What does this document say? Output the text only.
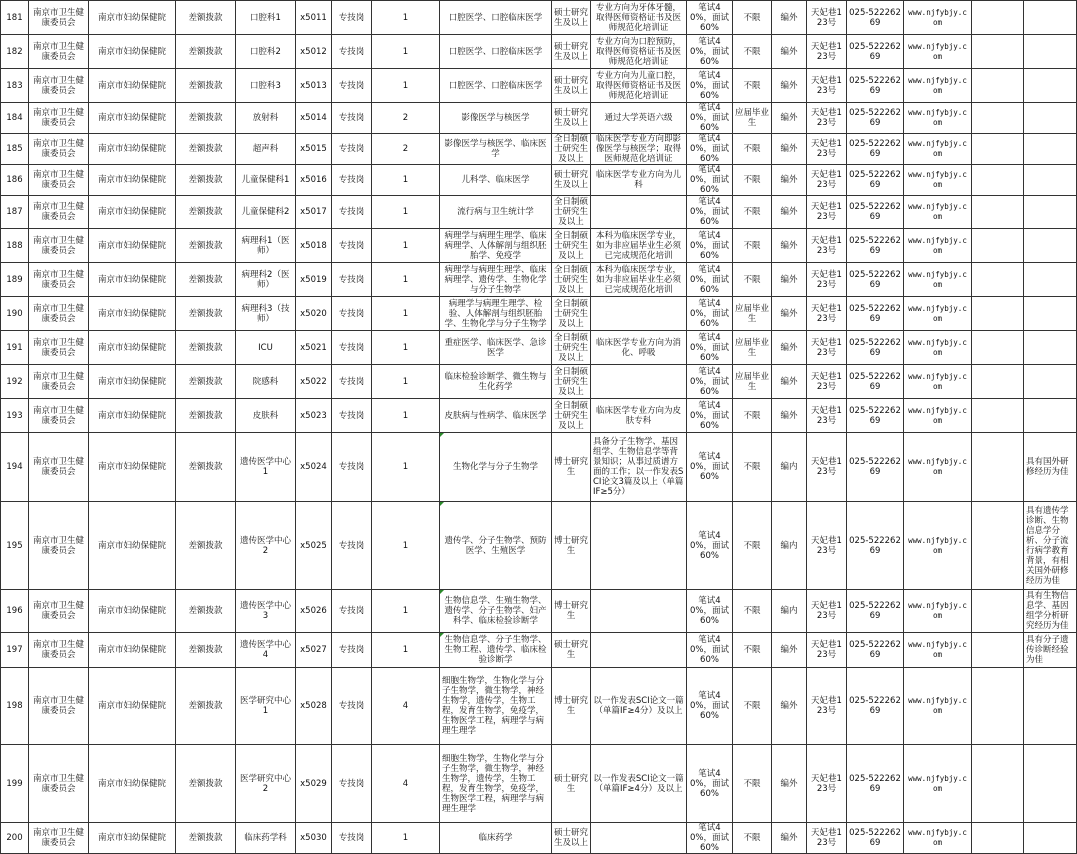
181	南京市卫生健康委员会	南京市妇幼保健院	差额拨款	口腔科1	x5011	专技岗	1	口腔医学、口腔临床医学	硕士研究生及以上	专业方向为牙体牙髓，取得医师资格证书及医师规范化培训证	笔试40%，面试60%	不限	编外	天妃巷123号	025-52226269	www.njfybjy.com		
182	南京市卫生健康委员会	南京市妇幼保健院	差额拨款	口腔科2	x5012	专技岗	1	口腔医学、口腔临床医学	硕士研究生及以上	专业方向为口腔预防，取得医师资格证书及医师规范化培训证	笔试40%，面试60%	不限	编外	天妃巷123号	025-52226269	www.njfybjy.com		
183	南京市卫生健康委员会	南京市妇幼保健院	差额拨款	口腔科3	x5013	专技岗	1	口腔医学、口腔临床医学	硕士研究生及以上	专业方向为儿童口腔，取得医师资格证书及医师规范化培训证	笔试40%，面试60%	不限	编外	天妃巷123号	025-52226269	www.njfybjy.com		
184	南京市卫生健康委员会	南京市妇幼保健院	差额拨款	放射科	x5014	专技岗	2	影像医学与核医学	硕士研究生及以上	通过大学英语六级	笔试40%，面试60%	应届毕业生	编外	天妃巷123号	025-52226269	www.njfybjy.com		
185	南京市卫生健康委员会	南京市妇幼保健院	差额拨款	超声科	x5015	专技岗	2	影像医学与核医学、临床医学	全日制硕士研究生及以上	临床医学专业方向即影像医学与核医学；取得医师规范化培训证	笔试40%，面试60%	不限	编外	天妃巷123号	025-52226269	www.njfybjy.com		
186	南京市卫生健康委员会	南京市妇幼保健院	差额拨款	儿童保健科1	x5016	专技岗	1	儿科学、临床医学	硕士研究生及以上	临床医学专业方向为儿科	笔试40%，面试60%	不限	编外	天妃巷123号	025-52226269	www.njfybjy.com		
187	南京市卫生健康委员会	南京市妇幼保健院	差额拨款	儿童保健科2	x5017	专技岗	1	流行病与卫生统计学	全日制硕士研究生及以上		笔试40%，面试60%	不限	编外	天妃巷123号	025-52226269	www.njfybjy.com		
188	南京市卫生健康委员会	南京市妇幼保健院	差额拨款	病理科1（医师）	x5018	专技岗	1	病理学与病理生理学、临床病理学、人体解剖与组织胚胎学、免疫学	全日制硕士研究生及以上	本科为临床医学专业，如为非应届毕业生必须已完成规范化培训	笔试40%，面试60%	不限	编外	天妃巷123号	025-52226269	www.njfybjy.com		
189	南京市卫生健康委员会	南京市妇幼保健院	差额拨款	病理科2（医师）	x5019	专技岗	1	病理学与病理生理学、临床病理学、遗传学、生物化学与分子生物学	全日制硕士研究生及以上	本科为临床医学专业，如为非应届毕业生必须已完成规范化培训	笔试40%，面试60%	不限	编外	天妃巷123号	025-52226269	www.njfybjy.com		
190	南京市卫生健康委员会	南京市妇幼保健院	差额拨款	病理科3（技师）	x5020	专技岗	1	病理学与病理生理学、检验、人体解剖与组织胚胎学、生物化学与分子生物学	全日制硕士研究生及以上		笔试40%，面试60%	应届毕业生	编外	天妃巷123号	025-52226269	www.njfybjy.com		
191	南京市卫生健康委员会	南京市妇幼保健院	差额拨款	ICU	x5021	专技岗	1	重症医学、临床医学、急诊医学	全日制硕士研究生及以上	临床医学专业方向为消化、呼吸	笔试40%，面试60%	应届毕业生	编外	天妃巷123号	025-52226269	www.njfybjy.com		
192	南京市卫生健康委员会	南京市妇幼保健院	差额拨款	院感科	x5022	专技岗	1	临床检验诊断学、微生物与生化药学	全日制硕士研究生及以上		笔试40%，面试60%	应届毕业生	编外	天妃巷123号	025-52226269	www.njfybjy.com		
193	南京市卫生健康委员会	南京市妇幼保健院	差额拨款	皮肤科	x5023	专技岗	1	皮肤病与性病学、临床医学	全日制硕士研究生及以上	临床医学专业方向为皮肤专科	笔试40%，面试60%	不限	编外	天妃巷123号	025-52226269	www.njfybjy.com		
194	南京市卫生健康委员会	南京市妇幼保健院	差额拨款	遗传医学中心1	x5024	专技岗	1	生物化学与分子生物学	博士研究生	具备分子生物学、基因组学、生物信息学等背景知识；从事过质谱方面的工作；以一作发表SCI论文3篇及以上（单篇IF≥5分）	笔试40%，面试60%	不限	编内	天妃巷123号	025-52226269	www.njfybjy.com		具有国外研修经历为佳
195	南京市卫生健康委员会	南京市妇幼保健院	差额拨款	遗传医学中心2	x5025	专技岗	1	遗传学、分子生物学、预防医学、生殖医学	博士研究生		笔试40%，面试60%	不限	编内	天妃巷123号	025-52226269	www.njfybjy.com		具有遗传学诊断、生物信息学分析、分子流行病学教育背景，有相关国外研修经历为佳
196	南京市卫生健康委员会	南京市妇幼保健院	差额拨款	遗传医学中心3	x5026	专技岗	1	生物信息学、生殖生物学、遗传学、分子生物学、妇产科学、临床检验诊断学	博士研究生		笔试40%，面试60%	不限	编内	天妃巷123号	025-52226269	www.njfybjy.com		具有生物信息学、基因组学分析研究经历为佳
197	南京市卫生健康委员会	南京市妇幼保健院	差额拨款	遗传医学中心4	x5027	专技岗	1	生物信息学、分子生物学、生物工程、遗传学、临床检验诊断学	硕士研究生		笔试40%，面试60%	不限	编外	天妃巷123号	025-52226269	www.njfybjy.com		具有分子遗传诊断经验为佳
198	南京市卫生健康委员会	南京市妇幼保健院	差额拨款	医学研究中心1	x5028	专技岗	4	细胞生物学，生物化学与分子生物学，微生物学，神经生物学，遗传学，生物工程，发育生物学，免疫学，生物医学工程，病理学与病理生理学	博士研究生	以一作发表SCI论文一篇（单篇IF≥4分）及以上	笔试40%，面试60%	不限	编外	天妃巷123号	025-52226269	www.njfybjy.com		
199	南京市卫生健康委员会	南京市妇幼保健院	差额拨款	医学研究中心2	x5029	专技岗	4	细胞生物学，生物化学与分子生物学，微生物学，神经生物学，遗传学，生物工程，发育生物学，免疫学，生物医学工程，病理学与病理生理学	硕士研究生	以一作发表SCI论文一篇（单篇IF≥4分）及以上	笔试40%，面试60%	不限	编外	天妃巷123号	025-52226269	www.njfybjy.com		
200	南京市卫生健康委员会	南京市妇幼保健院	差额拨款	临床药学科	x5030	专技岗	1	临床药学	硕士研究生及以上		笔试40%，面试60%	不限	编外	天妃巷123号	025-52226269	www.njfybjy.com		
